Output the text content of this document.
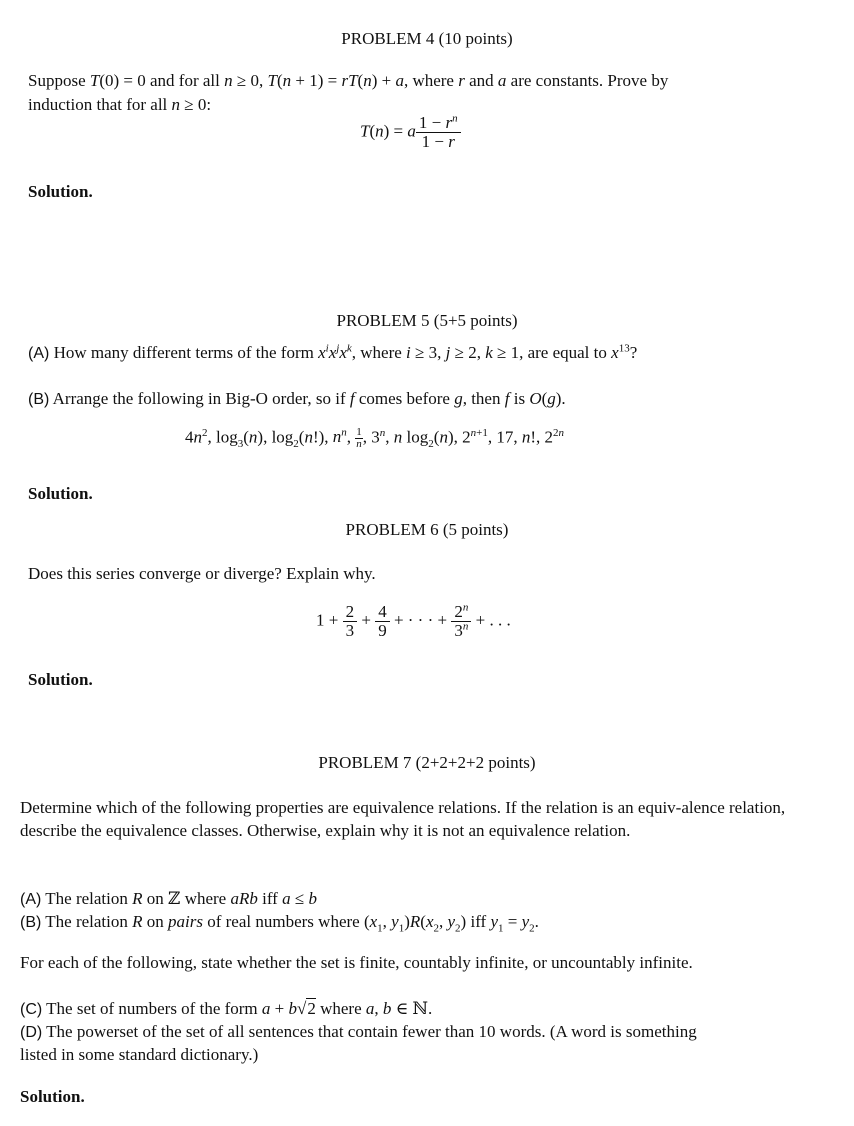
PROBLEM 4 (10 points)
Suppose T(0) = 0 and for all n ≥ 0, T(n + 1) = rT(n) + a, where r and a are constants. Prove by
induction that for all n ≥ 0:
T(n) = a $\frac{1 - r^n}{1 - r}$
Solution.
PROBLEM 5 (5+5 points)
(A) How many different terms of the form $x^ix^jx^k$, where i ≥ 3, j ≥ 2, k ≥ 1, are equal to $x^{13}$?
(B) Arrange the following in Big-O order, so if f comes before g, then f is O(g).
$4n^2$, $\log_3(n)$, $\log_2(n!)$, $n^n$, $\frac{1}{n}$ , 3$^n$, n $\log_2(n)$, $2^{n+1}$, 17, n!, $2^{2n}$
Solution.
PROBLEM 6 (5 points)
Does this series converge or diverge? Explain why.
$1 + \frac{2}{3} + \frac{4}{9}$ + · · · + $\frac{2^n}{3^n}$ + . . .
Solution.
PROBLEM 7 (2+2+2+2 points)
Determine which of the following properties are equivalence relations. If the relation is an equiv-alence relation, describe the equivalence classes. Otherwise, explain why it is not an equivalence relation.
(A) The relation R on ℤ where aRb iff a ≤ b
(B) The relation R on pairs of real numbers where ($x_1$, $y_1)R(x_2$, $y_2$) iff $y_1 = y_2$.
For each of the following, state whether the set is finite, countably infinite, or uncountably infinite.
(C) The set of numbers of the form a + b√2 where a, b ∈ ℕ.
(D) The powerset of the set of all sentences that contain fewer than 10 words. (A word is something
listed in some standard dictionary.)
Solution.
